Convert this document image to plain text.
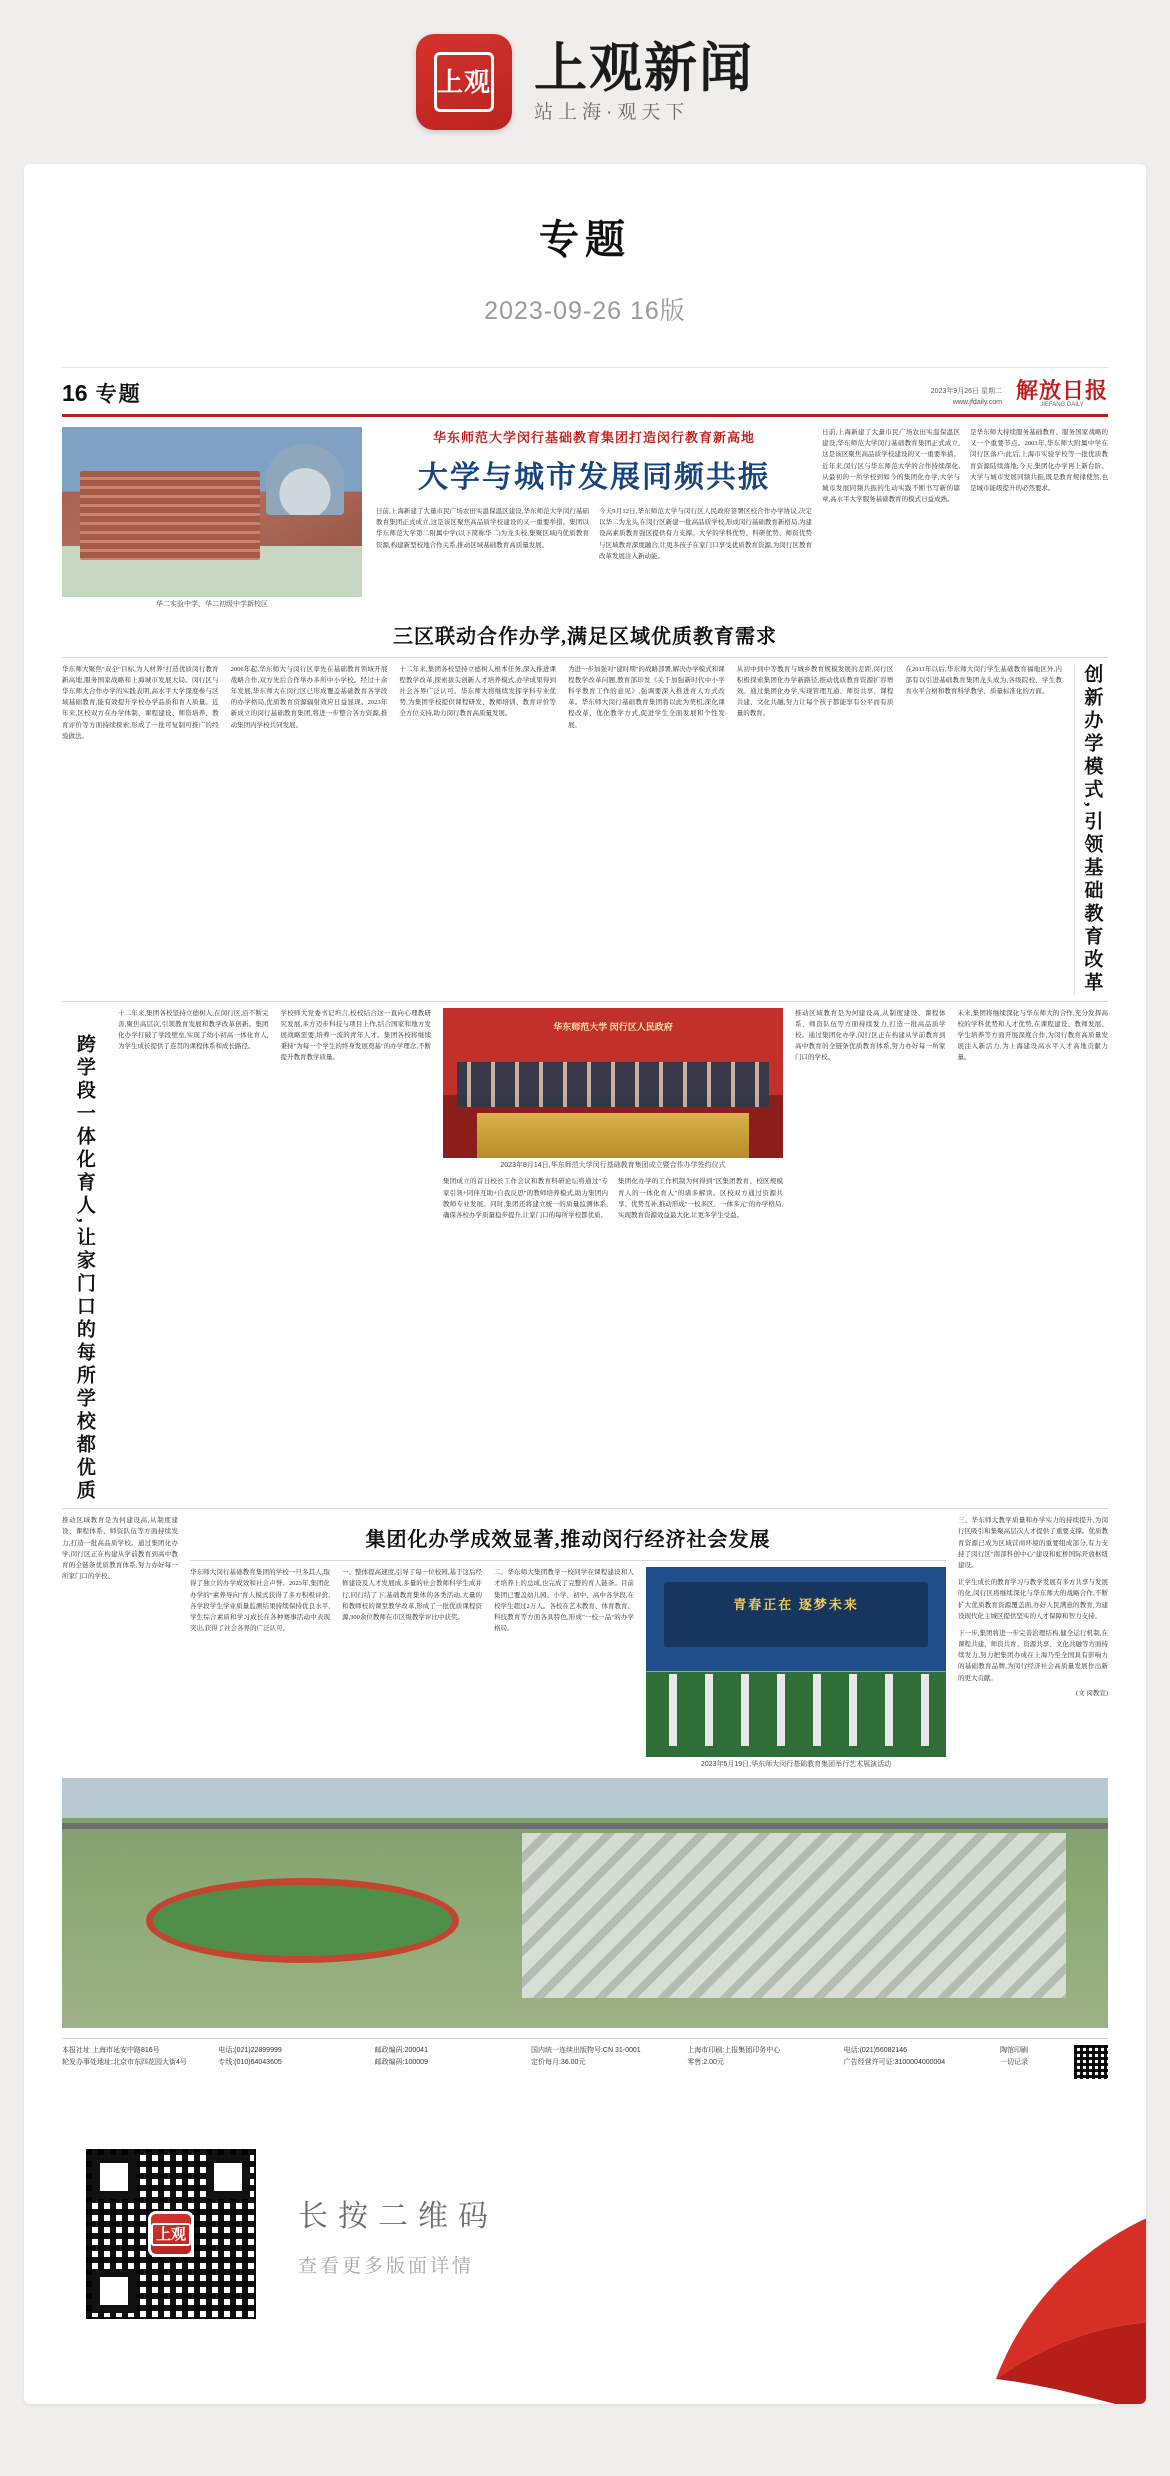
上观 上观新闻
站上海·观天下
专题
2023-09-26 16版
16 专题	2023年9月26日 星期二
www.jfdaily.com 解放日报
JIEFANG DAILY
华二实验中学、华二初级中学新校区
华东师范大学闵行基础教育集团打造闵行教育新高地
大学与城市发展同频共振
日前,上海新建了大量市民广场农田实温保温区建设,华东师范大学闵行基础教育集团正式成立,这是该区聚焦高品质学校建设的又一重要举措。集团以华东师范大学第二附属中学(以下简称华二)为龙头校,集聚区域内优质教育资源,构建新型校地合作关系,推动区域基础教育高质量发展。
今天9月12日,华东师范大学与闵行区人民政府签署区校合作办学协议,决定以华二为龙头,在闵行区新建一批高品质学校,形成闵行基础教育新格局,为建设高素质教育强区提供有力支撑。大学的学科优势、科研优势、师资优势与区域教育深度融合,让更多孩子在家门口享受优质教育资源,为闵行区教育改革发展注入新动能。
日前,上海新建了大量市民广场农田实温保温区建设,华东师范大学闵行基础教育集团正式成立,这是该区聚焦高品质学校建设的又一重要举措。近年来,闵行区与华东师范大学的合作持续深化,从最初的一所学校到如今的集团化办学,大学与城市发展同频共振的生动实践不断书写新的篇章,高水平大学服务基础教育的模式日益成熟。
是华东师大持续服务基础教育、服务国家战略的又一个重要节点。2003年,华东师大附属中学在闵行区落户;此后,上海市实验学校等一批优质教育资源陆续落地;今天,集团化办学再上新台阶。大学与城市发展同频共振,既是教育规律使然,也是城市能级提升的必然要求。
三区联动合作办学,满足区域优质教育需求
华东师大聚焦"双全"目标,为人材养"打造优质闵行教育新高地,服务国家战略和上海城市发展大局。闵行区与华东师大合作办学的实践表明,高水平大学深度参与区域基础教育,能有效提升学校办学品质和育人质量。近年来,区校双方在办学体制、课程建设、师资培养、教育评价等方面持续探索,形成了一批可复制可推广的经验做法。
2006年起,华东师大与闵行区率先在基础教育领域开展战略合作,双方先后合作举办多所中小学校。经过十余年发展,华东师大在闵行区已形成覆盖基础教育各学段的办学格局,优质教育资源辐射效应日益显现。2023年新成立的闵行基础教育集团,将进一步整合各方资源,推动集团内学校共同发展。
十二年来,集团各校坚持立德树人根本任务,深入推进课程教学改革,探索拔尖创新人才培养模式,办学成果得到社会各界广泛认可。华东师大将继续发挥学科专业优势,为集团学校提供课程研发、教师培训、教育评价等全方位支持,助力闵行教育高质量发展。
为进一步加强对"建时期"的战略部署,解决办学模式和课程教学改革问题,教育部印发《关于加强新时代中小学科学教育工作的意见》,强调要深入推进育人方式改革。华东师大闵行基础教育集团将以此为契机,深化课程改革、优化教学方式,促进学生全面发展和个性发展。
从初中到中等教育与城乡教育规模发展的差距,闵行区积极探索集团化办学新路径,推动优质教育资源扩容增效。通过集团化办学,实现管理互通、师资共享、课程共建、文化共融,努力让每个孩子都能享有公平而有质量的教育。
在2011年以后,华东师大闵行学生基础教育福地区外,内部有以引进基础教育集团龙头成为,各级院校、学生教育水平合格和教育科学教学、质量标准化的方面。	创新办学模式,引领基础教育改革
跨学段一体化育人,让家门口的每所学校都优质
十二年来,集团各校坚持立德树人,在闵行区,沿不断完善,聚焦高层次,引领教育发展和教学改革创新。集团化办学打破了学段壁垒,实现了幼小初高一体化育人,为学生成长提供了连贯的课程体系和成长路径。
学校师大党委书记坦言,校校结合这一直向心理教研究发展,多方迈步科技与项目上作,结合国家和地方发展战略需要,培养一流的青年人才。集团各校将继续秉持"为每一个学生的终身发展奠基"的办学理念,不断提升教育教学质量。
华东师范大学 闵行区人民政府
2023年8月14日,华东师范大学闵行基础教育集团成立暨合作办学签约仪式
集团成立的首日校长工作会议和教育科研论坛将通过"专家引领+同伴互助+自我反思"的教师培养模式,助力集团内教师专业发展。同时,集团还将建立统一的质量监测体系,确保各校办学质量稳步提升,让家门口的每所学校都优质。
集团化办学的工作机制为何得到"区集团教育、校区规模育人的一体化育人"的诸多解读。区校双方通过资源共享、优势互补,推动形成"一校多区、一体多元"的办学格局,实现教育资源效益最大化,让更多学生受益。
推动区域教育是为何建设高,从制度建设、课程体系、师资队伍等方面持续发力,打造一批高品质学校。通过集团化办学,闵行区正在构建从学前教育到高中教育的全链条优质教育体系,努力办好每一所家门口的学校。
未来,集团将继续深化与华东师大的合作,充分发挥高校的学科优势和人才优势,在课程建设、教师发展、学生培养等方面开展深度合作,为闵行教育高质量发展注入新活力,为上海建设高水平人才高地贡献力量。
推动区域教育是为何建设高,从制度建设、课程体系、师资队伍等方面持续发力,打造一批高品质学校。通过集团化办学,闵行区正在构建从学前教育到高中教育的全链条优质教育体系,努力办好每一所家门口的学校。
集团化办学成效显著,推动闵行经济社会发展
华东师大闵行基础教育集团的学校一旦多其人,取得了独立的办学成效和社会声誉。2023年,集团化办学的"素养导向"育人模式获得了多方积极评价,各学段学生学业质量监测结果持续保持优良水平,学生综合素质和学习成长在各种赛事活动中表现突出,获得了社会各界的广泛认可。
一、整体提高速度,引导了每一位校园,基于这后经修建设及人才发展成,多量的社会教师科学生成并行,同行结了下,基础教育集体的各类活动,大量的和教师校的课堂教学改革,形成了一批优质课程资源,300余位教师在市区级教学评比中获奖。
二、华东师大集团教学一校同学在课程建设和人才培养上的总成,也完成了完整的育人链条。目前集团已覆盖幼儿园、小学、初中、高中各学段,在校学生超过2万人。各校在艺术教育、体育教育、科技教育等方面各具特色,形成"一校一品"的办学格局。
青春正在 逐梦未来
2023年5月19日,华东师大闵行基础教育集团举行艺术展演活动
三、华东师大教学质量和办学实力的持续提升,为闵行区吸引和集聚高层次人才提供了重要支撑。优质教育资源已成为区域营商环境的重要组成部分,有力支持了闵行区"南部科创中心"建设和虹桥国际开放枢纽建设。
让学生成长的教育学习与教学发展有多方共享与发展的化,闵行区将继续深化与华东师大的战略合作,不断扩大优质教育资源覆盖面,办好人民满意的教育,为建设现代化主城区提供坚实的人才保障和智力支持。
下一步,集团将进一步完善治理结构,健全运行机制,在课程共建、师资共育、资源共享、文化共融等方面持续发力,努力把集团办成在上海乃至全国具有影响力的基础教育品牌,为闵行经济社会高质量发展作出新的更大贡献。
(文 闵教宣)
本报社址 上海市延安中路816号
轮发办事处地址:北京市东四花园大街4号
电话:(021)22899999
专线:(010)64043605
邮政编码:200041
邮政编码:100009
国内统一连续出版物号:CN 31-0001
定价每月:36.00元
上海市印刷:上报集团印务中心
零售:2.00元
电话:(021)56082146
广告经营许可证:3100004000004
陶馆印刷
一切记录
上观
长按二维码
查看更多版面详情
